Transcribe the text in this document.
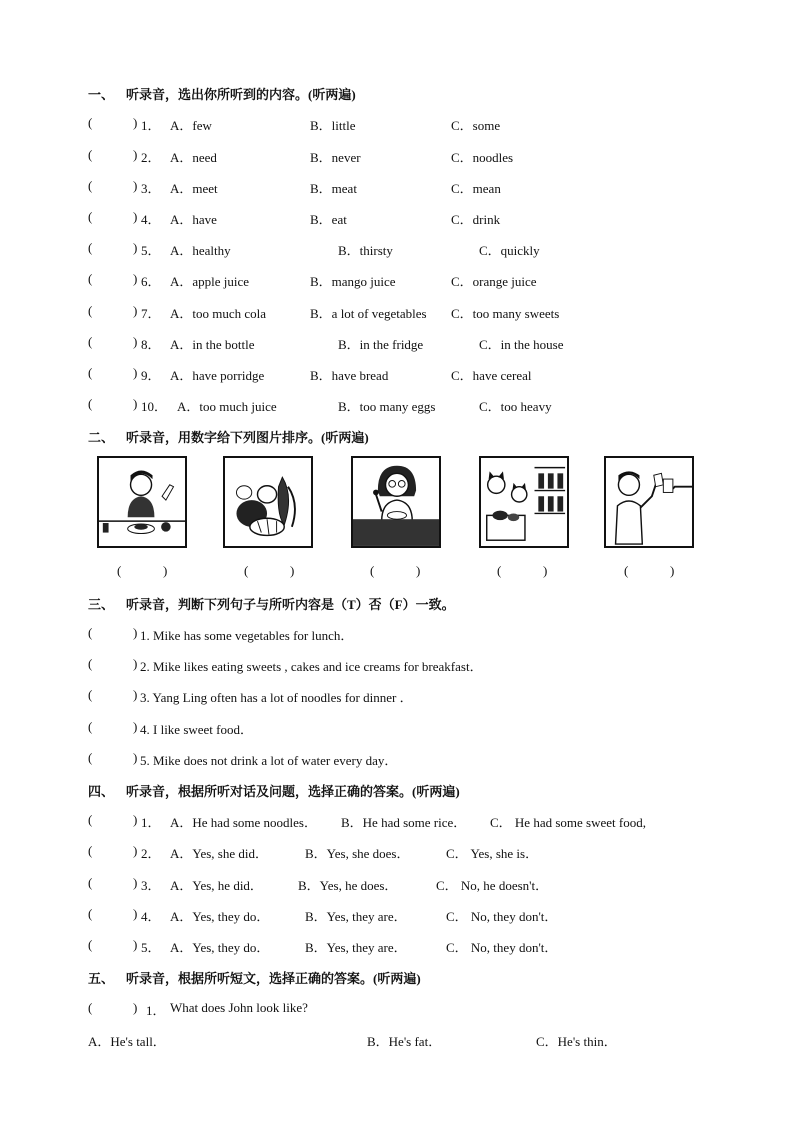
一、 听录音，选出你所听到的内容。(听两遍)
(	) 1． A．few	B．little	C．some
(	) 2． A．need	B．never	C．noodles
(	) 3． A．meet	B．meat	C．mean
(	) 4． A．have	B．eat	C．drink
(	) 5． A．healthy	B．thirsty	C．quickly
(	) 6． A．apple juice	B．mango juice	C．orange juice
(	) 7． A．too much cola	B．a lot of vegetables C．too many sweets
(	) 8． A．in the bottle	B．in the fridge	C．in the house
(	) 9． A．have porridge	B．have bread	C．have cereal
(	) 10． A．too much juice	B．too many eggs	C．too heavy
二、 听录音，用数字给下列图片排序。(听两遍)
(	)	(	)	(	)	(	)	(	)
三、 听录音，判断下列句子与所听内容是（T）否（F）一致。
(	) 1. Mike has some vegetables for lunch．
(	) 2. Mike likes eating sweets , cakes and ice creams for breakfast．
(	) 3. Yang Ling often has a lot of noodles for dinner ．
(	) 4. I like sweet food．
(	) 5. Mike does not drink a lot of water every day．
四、 听录音，根据所听对话及问题，选择正确的答案。(听两遍)
(	) 1． A．He had some noodles． B．He had some rice． C． He had some sweet food,
(	) 2． A．Yes, she did．	B．Yes, she does．	C． Yes, she is．
(	) 3． A．Yes, he did．	B．Yes, he does．	C． No, he doesn't．
(	) 4． A．Yes, they do．	B．Yes, they are．	C． No, they don't．
(	) 5． A．Yes, they do．	B．Yes, they are．	C． No, they don't．
五、 听录音，根据所听短文，选择正确的答案。(听两遍)
(	) 1． What does John look like?
A．He's tall．	B．He's fat．	C．He's thin．
